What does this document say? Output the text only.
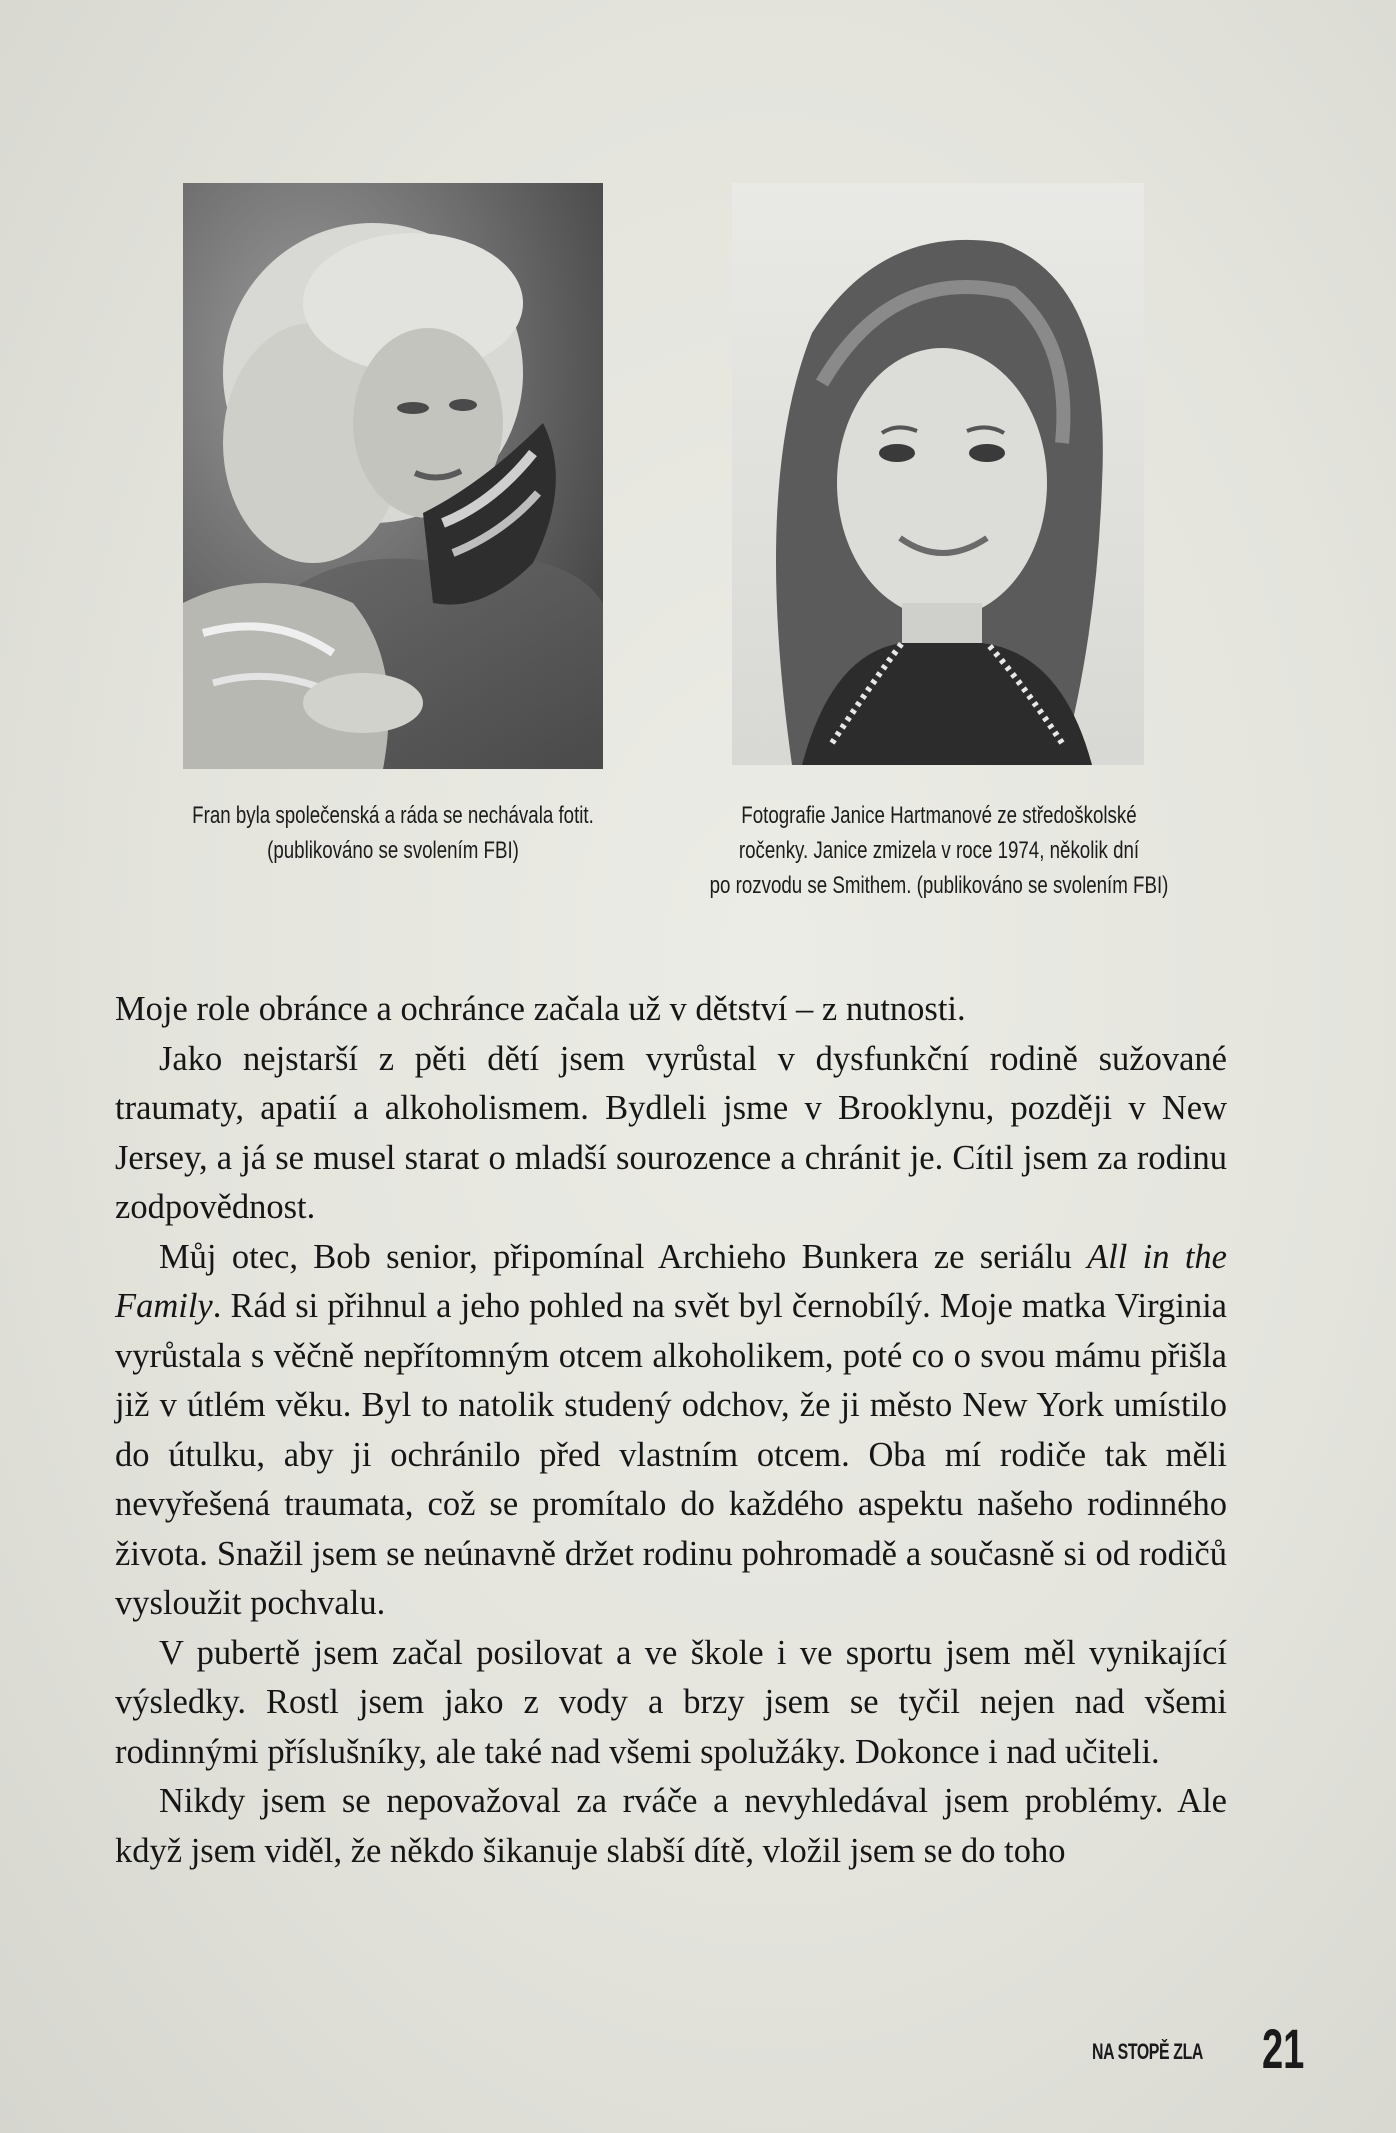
Fran byla společenská a ráda se nechávala fotit.
(publikováno se svolením FBI)
Fotografie Janice Hartmanové ze středoškolské
ročenky. Janice zmizela v roce 1974, několik dní
po rozvodu se Smithem. (publikováno se svolením FBI)

Moje role obránce a ochránce začala už v dětství – z nutnosti.

Jako nejstarší z pěti dětí jsem vyrůstal v dysfunkční rodině sužované traumaty, apatií a alkoholismem. Bydleli jsme v Brooklynu, později v New Jersey, a já se musel starat o mladší sourozence a chránit je. Cítil jsem za rodinu zodpovědnost.

Můj otec, Bob senior, připomínal Archieho Bunkera ze seriálu All in the Family. Rád si přihnul a jeho pohled na svět byl černobílý. Moje matka Virginia vyrůstala s věčně nepřítomným otcem alkoholikem, poté co o svou mámu přišla již v útlém věku. Byl to natolik studený odchov, že ji město New York umístilo do útulku, aby ji ochránilo před vlastním otcem. Oba mí rodiče tak měli nevyřešená traumata, což se promítalo do každého aspektu našeho rodinného života. Snažil jsem se neúnavně držet rodinu pohromadě a současně si od rodičů vysloužit pochvalu.

V pubertě jsem začal posilovat a ve škole i ve sportu jsem měl vynikající výsledky. Rostl jsem jako z vody a brzy jsem se tyčil nejen nad všemi rodinnými příslušníky, ale také nad všemi spolužáky. Dokonce i nad učiteli.

Nikdy jsem se nepovažoval za rváče a nevyhledával jsem problémy. Ale když jsem viděl, že někdo šikanuje slabší dítě, vložil jsem se do toho

NA STOPĚ ZLA 21
